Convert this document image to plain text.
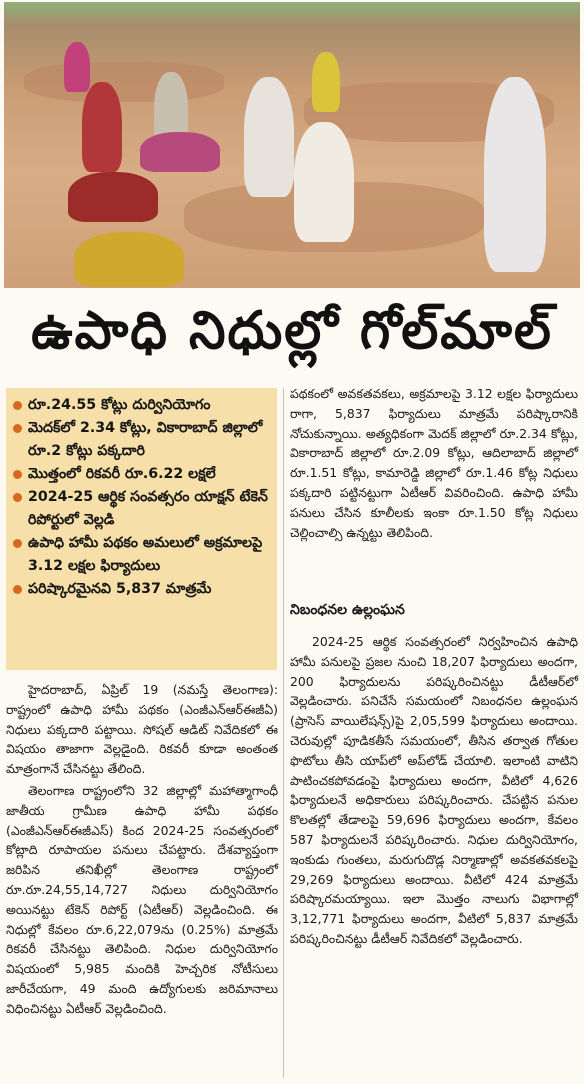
ఉపాధి నిధుల్లో గోల్‌మాల్
రూ.24.55 కోట్లు దుర్వినియోగం
మెదక్‌లో 2.34 కోట్లు, వికారాబాద్ జిల్లాలో రూ.2 కోట్లు పక్కదారి
మొత్తంలో రికవరీ రూ.6.22 లక్షలే
2024-25 ఆర్థిక సంవత్సరం యాక్షన్ టేకెన్ రిపోర్టులో వెల్లడి
ఉపాధి హామీ పథకం అమలులో అక్రమాలపై 3.12 లక్షల ఫిర్యాదులు
పరిష్కారమైనవి 5,837 మాత్రమే

హైదరాబాద్, ఏప్రిల్ 19 (నమస్తే తెలంగాణ): రాష్ట్రంలో ఉపాధి హామీ పథకం (ఎంజీఎన్ఆర్ఈజీఏ) నిధులు పక్కదారి పట్టాయి. సోషల్ ఆడిట్ నివేదికలో ఈ విషయం తాజాగా వెల్లడైంది. రికవరీ కూడా అంతంత మాత్రంగానే చేసినట్టు తేలింది.

తెలంగాణ రాష్ట్రంలోని 32 జిల్లాల్లో మహాత్మాగాంధీ జాతీయ గ్రామీణ ఉపాధి హామీ పథకం (ఎంజీఎన్ఆర్ఈజీఎస్) కింద 2024-25 సంవత్సరంలో కోట్లాది రూపాయల పనులు చేపట్టారు. దేశవ్యాప్తంగా జరిపిన తనిఖీల్లో తెలంగాణ రాష్ట్రంలో రూ.రూ.24,55,14,727 నిధులు దుర్వినియోగం అయినట్టు టేకెన్ రిపోర్ట్ (ఏటీఆర్) వెల్లడించింది. ఈ నిధుల్లో కేవలం రూ.6,22,079ను (0.25%) మాత్రమే రికవరీ చేసినట్టు తెలిపింది. నిధుల దుర్వినియోగం విషయంలో 5,985 మందికి హెచ్చరిక నోటీసులు జారీచేయగా, 49 మంది ఉద్యోగులకు జరిమానాలు విధించినట్టు ఏటీఆర్ వెల్లడించింది.

పథకంలో అవకతవకలు, అక్రమాలపై 3.12 లక్షల ఫిర్యాదులు రాగా, 5,837 ఫిర్యాదులు మాత్రమే పరిష్కారానికి నోచుకున్నాయి. అత్యధికంగా మెదక్ జిల్లాలో రూ.2.34 కోట్లు, వికారాబాద్ జిల్లాలో రూ.2.09 కోట్లు, ఆదిలాబాద్ జిల్లాలో రూ.1.51 కోట్లు, కామారెడ్డి జిల్లాలో రూ.1.46 కోట్ల నిధులు పక్కదారి పట్టినట్టుగా ఏటీఆర్ వివరించింది. ఉపాధి హామీ పనులు చేసిన కూలీలకు ఇంకా రూ.1.50 కోట్ల నిధులు చెల్లించాల్సి ఉన్నట్టు తెలిపింది.

నిబంధనల ఉల్లంఘన

2024-25 ఆర్థిక సంవత్సరంలో నిర్వహించిన ఉపాధి హామీ పనులపై ప్రజల నుంచి 18,207 ఫిర్యాదులు అందగా, 200 ఫిర్యాదులను పరిష్కరించినట్టు డీటీఆర్‌లో వెల్లడించారు. పనిచేసే సమయంలో నిబంధనల ఉల్లంఘన (ప్రాసెస్ వాయిలేషన్స్)పై 2,05,599 ఫిర్యాదులు అందాయి. చెరువుల్లో పూడికతీసే సమయంలో, తీసిన తర్వాత గోతుల ఫొటోలు తీసి యాప్‌లో అప్‌లోడ్ చేయాలి. ఇలాంటి వాటిని పాటించకపోవడంపై ఫిర్యాదులు అందగా, వీటిలో 4,626 ఫిర్యాదులనే అధికారులు పరిష్కరించారు. చేపట్టిన పనుల కొలతల్లో తేడాలపై 59,696 ఫిర్యాదులు అందగా, కేవలం 587 ఫిర్యాదులనే పరిష్కరించారు. నిధుల దుర్వినియోగం, ఇంకుడు గుంతలు, మరుగుదొడ్ల నిర్మాణాల్లో అవకతవకలపై 29,269 ఫిర్యాదులు అందాయి. వీటిలో 424 మాత్రమే పరిష్కారమయ్యాయి. ఇలా మొత్తం నాలుగు విభాగాల్లో 3,12,771 ఫిర్యాదులు అందగా, వీటిలో 5,837 మాత్రమే పరిష్కరించినట్టు డీటీఆర్ నివేదికలో వెల్లడించారు.
